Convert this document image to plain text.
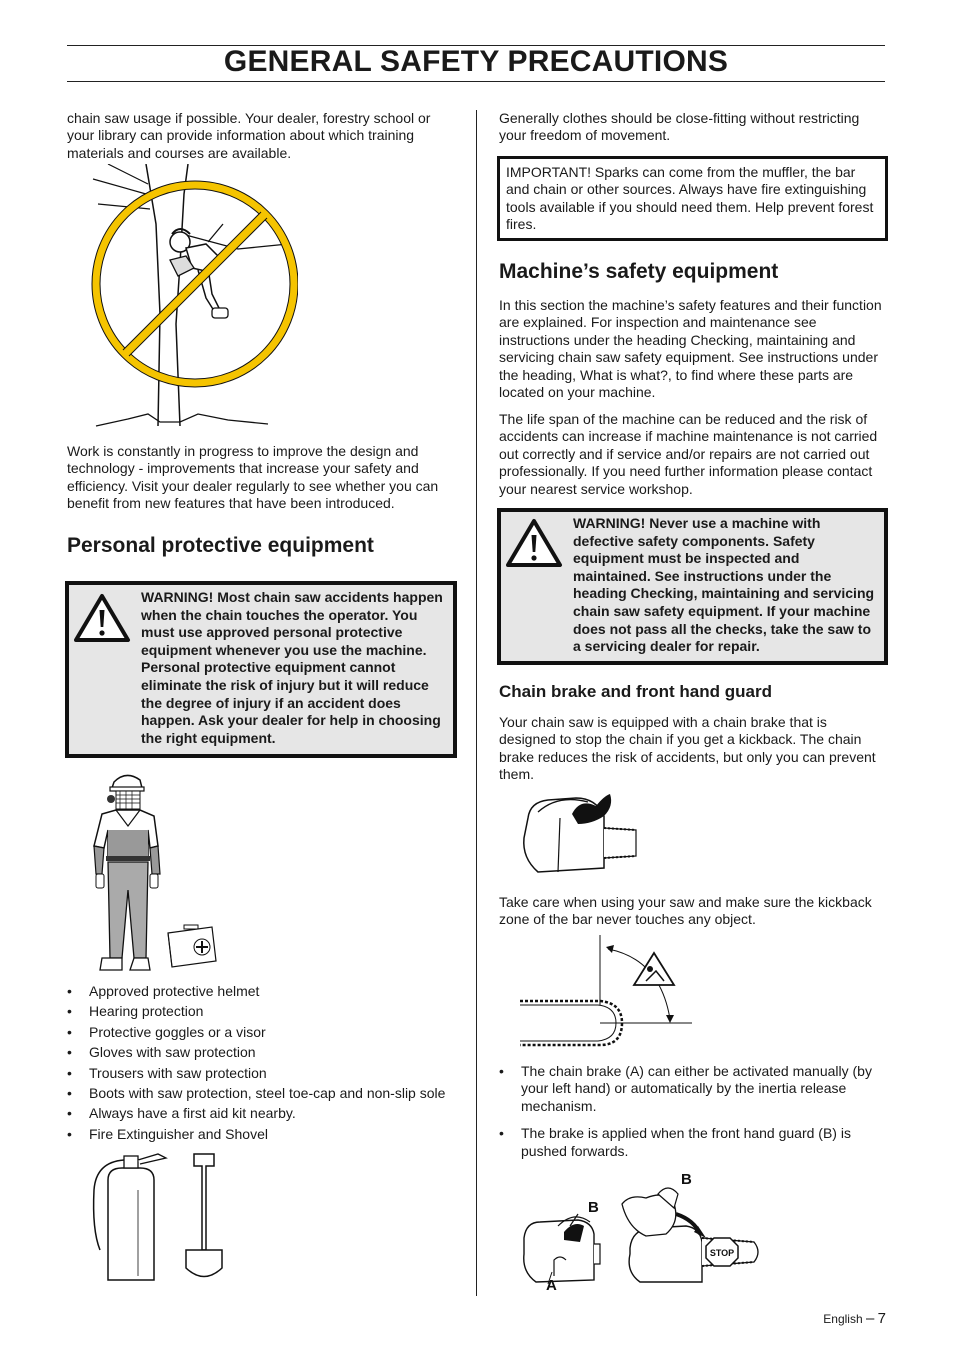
GENERAL SAFETY PRECAUTIONS

chain saw usage if possible. Your dealer, forestry school or your library can provide information about which training materials and courses are available.

Work is constantly in progress to improve the design and technology - improvements that increase your safety and efficiency. Visit your dealer regularly to see whether you can benefit from new features that have been introduced.

Personal protective equipment
WARNING! Most chain saw accidents happen when the chain touches the operator. You must use approved personal protective equipment whenever you use the machine. Personal protective equipment cannot eliminate the risk of injury but it will reduce the degree of injury if an accident does happen. Ask your dealer for help in choosing the right equipment.
• Approved protective helmet
• Hearing protection
• Protective goggles or a visor
• Gloves with saw protection
• Trousers with saw protection
• Boots with saw protection, steel toe-cap and non-slip sole
• Always have a first aid kit nearby.
• Fire Extinguisher and Shovel

Generally clothes should be close-fitting without restricting your freedom of movement.

IMPORTANT! Sparks can come from the muffler, the bar and chain or other sources. Always have fire extinguishing tools available if you should need them. Help prevent forest fires.

Machine’s safety equipment

In this section the machine’s safety features and their function are explained. For inspection and maintenance see instructions under the heading Checking, maintaining and servicing chain saw safety equipment. See instructions under the heading, What is what?, to find where these parts are located on your machine.

The life span of the machine can be reduced and the risk of accidents can increase if machine maintenance is not carried out correctly and if service and/or repairs are not carried out professionally. If you need further information please contact your nearest service workshop.

WARNING! Never use a machine with defective safety components. Safety equipment must be inspected and maintained. See instructions under the heading Checking, maintaining and servicing chain saw safety equipment. If your machine does not pass all the checks, take the saw to a servicing dealer for repair.
Chain brake and front hand guard

Your chain saw is equipped with a chain brake that is designed to stop the chain if you get a kickback. The chain brake reduces the risk of accidents, but only you can prevent them.

Take care when using your saw and make sure the kickback zone of the bar never touches any object.

• The chain brake (A) can either be activated manually (by your left hand) or automatically by the inertia release mechanism.
• The brake is applied when the front hand guard (B) is pushed forwards.
B
A
STOP
B
English – 7
